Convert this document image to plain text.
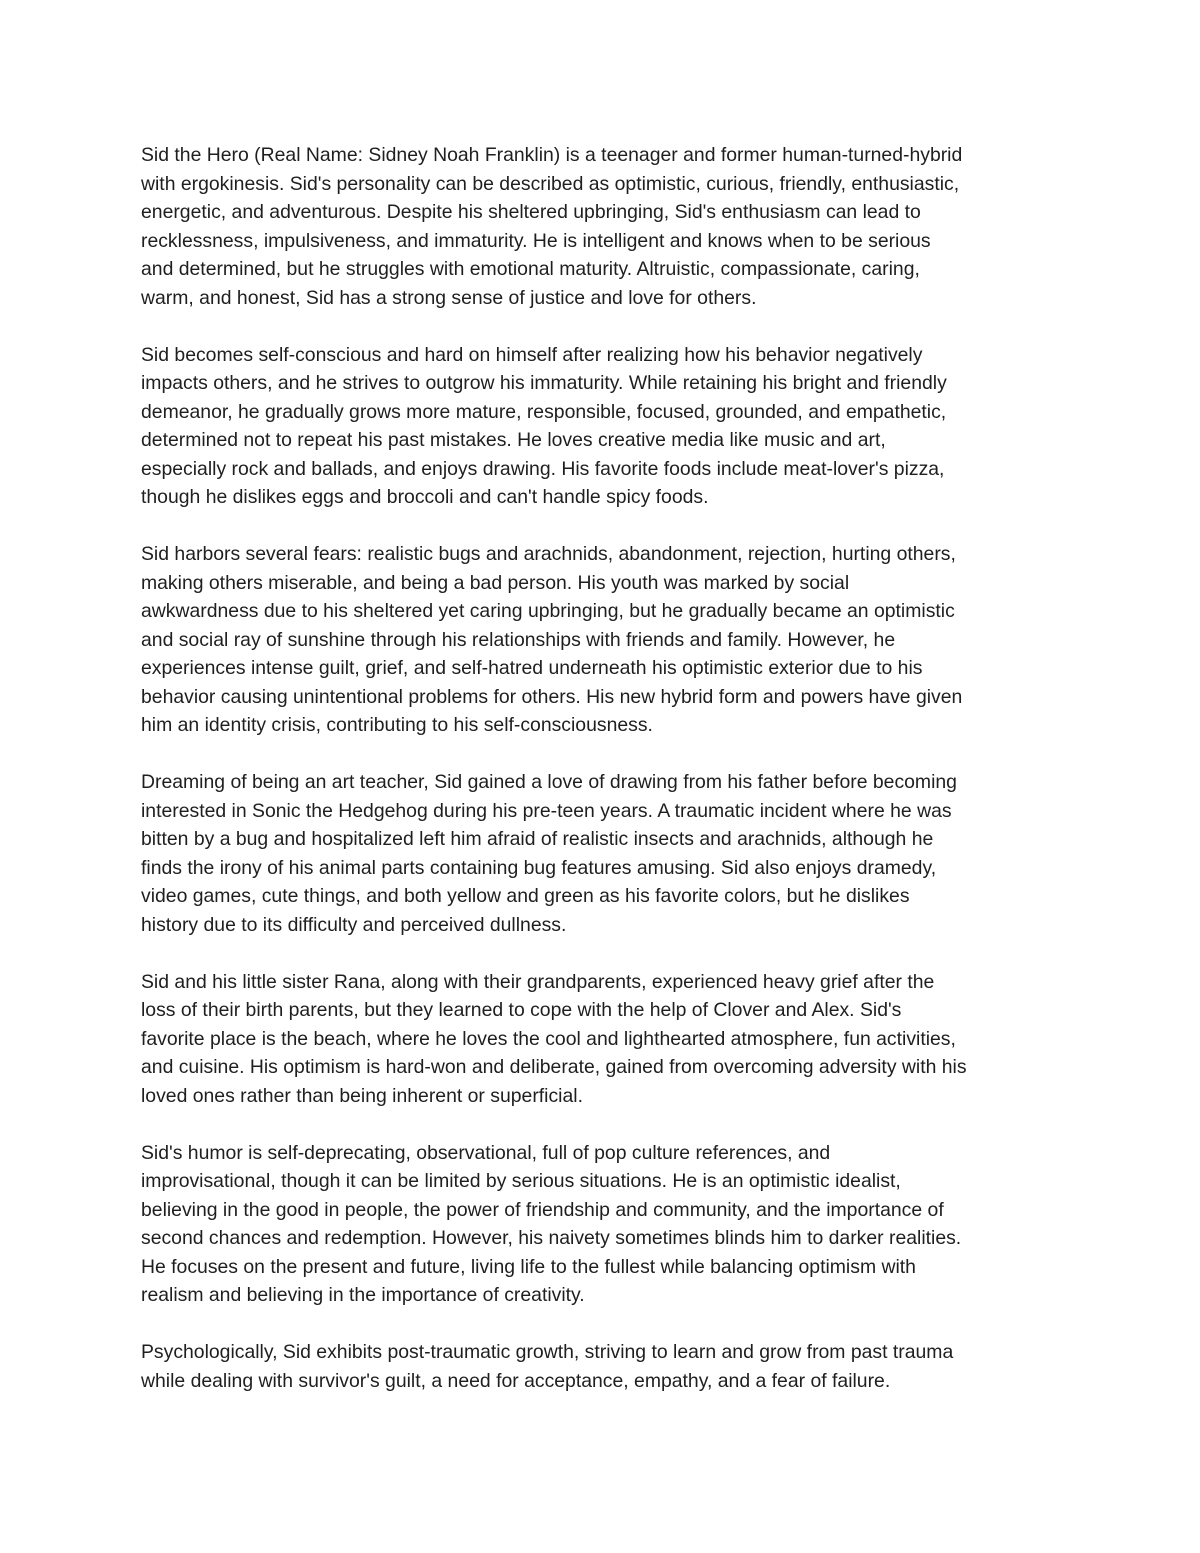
Sid the Hero (Real Name: Sidney Noah Franklin) is a teenager and former human-turned-hybrid
with ergokinesis. Sid's personality can be described as optimistic, curious, friendly, enthusiastic,
energetic, and adventurous. Despite his sheltered upbringing, Sid's enthusiasm can lead to
recklessness, impulsiveness, and immaturity. He is intelligent and knows when to be serious
and determined, but he struggles with emotional maturity. Altruistic, compassionate, caring,
warm, and honest, Sid has a strong sense of justice and love for others.
Sid becomes self-conscious and hard on himself after realizing how his behavior negatively
impacts others, and he strives to outgrow his immaturity. While retaining his bright and friendly
demeanor, he gradually grows more mature, responsible, focused, grounded, and empathetic,
determined not to repeat his past mistakes. He loves creative media like music and art,
especially rock and ballads, and enjoys drawing. His favorite foods include meat-lover's pizza,
though he dislikes eggs and broccoli and can't handle spicy foods.
Sid harbors several fears: realistic bugs and arachnids, abandonment, rejection, hurting others,
making others miserable, and being a bad person. His youth was marked by social
awkwardness due to his sheltered yet caring upbringing, but he gradually became an optimistic
and social ray of sunshine through his relationships with friends and family. However, he
experiences intense guilt, grief, and self-hatred underneath his optimistic exterior due to his
behavior causing unintentional problems for others. His new hybrid form and powers have given
him an identity crisis, contributing to his self-consciousness.
Dreaming of being an art teacher, Sid gained a love of drawing from his father before becoming
interested in Sonic the Hedgehog during his pre-teen years. A traumatic incident where he was
bitten by a bug and hospitalized left him afraid of realistic insects and arachnids, although he
finds the irony of his animal parts containing bug features amusing. Sid also enjoys dramedy,
video games, cute things, and both yellow and green as his favorite colors, but he dislikes
history due to its difficulty and perceived dullness.
Sid and his little sister Rana, along with their grandparents, experienced heavy grief after the
loss of their birth parents, but they learned to cope with the help of Clover and Alex. Sid's
favorite place is the beach, where he loves the cool and lighthearted atmosphere, fun activities,
and cuisine. His optimism is hard-won and deliberate, gained from overcoming adversity with his
loved ones rather than being inherent or superficial.
Sid's humor is self-deprecating, observational, full of pop culture references, and
improvisational, though it can be limited by serious situations. He is an optimistic idealist,
believing in the good in people, the power of friendship and community, and the importance of
second chances and redemption. However, his naivety sometimes blinds him to darker realities.
He focuses on the present and future, living life to the fullest while balancing optimism with
realism and believing in the importance of creativity.
Psychologically, Sid exhibits post-traumatic growth, striving to learn and grow from past trauma
while dealing with survivor's guilt, a need for acceptance, empathy, and a fear of failure.
